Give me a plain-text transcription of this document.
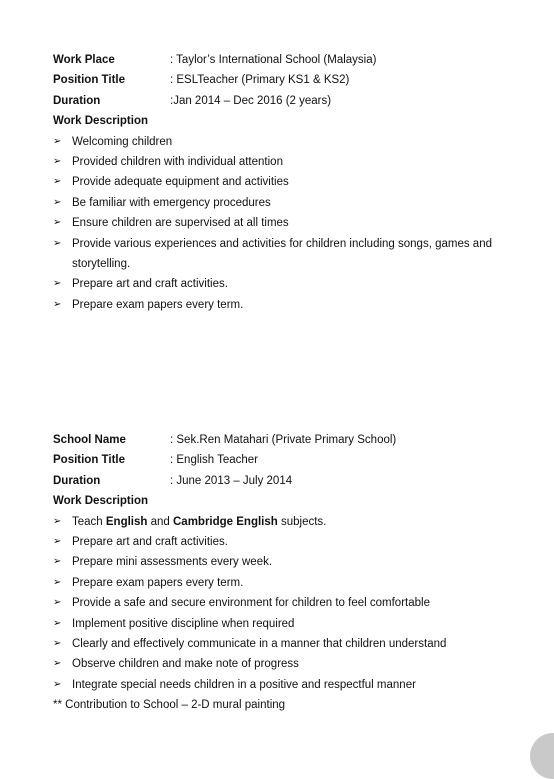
Work Place	: Taylor’s International School (Malaysia)
Position Title	: ESLTeacher (Primary KS1 & KS2)
Duration	:Jan 2014 – Dec 2016 (2 years)
Work Description
➢ Welcoming children
➢ Provided children with individual attention
➢ Provide adequate equipment and activities
➢ Be familiar with emergency procedures
➢ Ensure children are supervised at all times
➢ Provide various experiences and activities for children including songs, games and storytelling.
➢ Prepare art and craft activities.
➢ Prepare exam papers every term.
School Name	: Sek.Ren Matahari (Private Primary School)
Position Title	: English Teacher
Duration	: June 2013 – July 2014
Work Description
➢ Teach English and Cambridge English subjects.
➢ Prepare art and craft activities.
➢ Prepare mini assessments every week.
➢ Prepare exam papers every term.
➢ Provide a safe and secure environment for children to feel comfortable
➢ Implement positive discipline when required
➢ Clearly and effectively communicate in a manner that children understand
➢ Observe children and make note of progress
➢ Integrate special needs children in a positive and respectful manner
** Contribution to School – 2-D mural painting
